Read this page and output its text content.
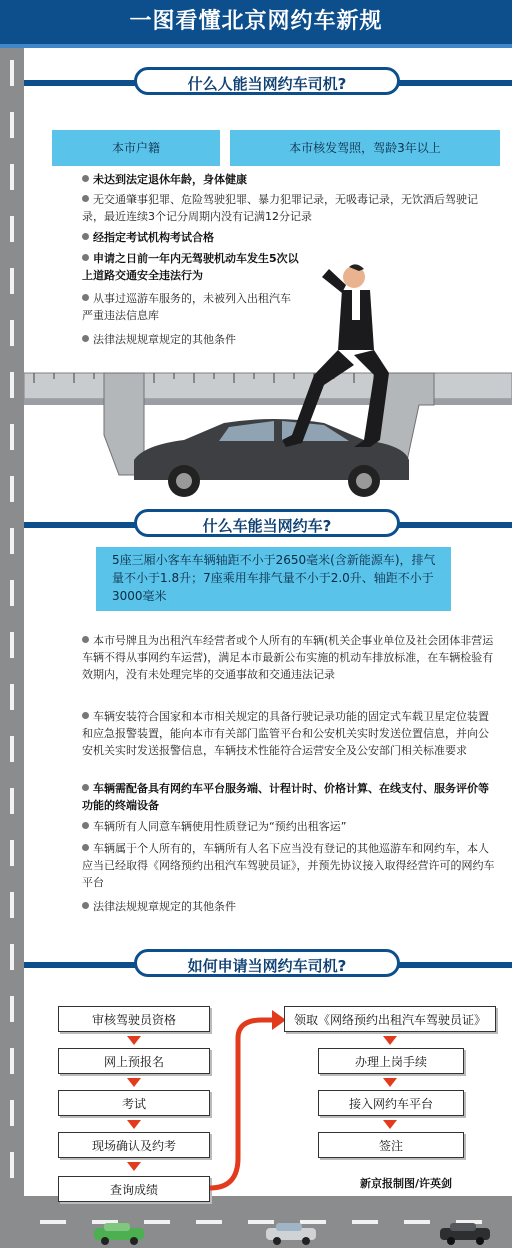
一图看懂北京网约车新规
什么人能当网约车司机?
本市户籍	本市核发驾照，驾龄3年以上
未达到法定退休年龄，身体健康
无交通肇事犯罪、危险驾驶犯罪、暴力犯罪记录，无吸毒记录，无饮酒后驾驶记录，最近连续3个记分周期内没有记满12分记录
经指定考试机构考试合格
申请之日前一年内无驾驶机动车发生5次以上道路交通安全违法行为
从事过巡游车服务的，未被列入出租汽车严重违法信息库
法律法规规章规定的其他条件
什么车能当网约车?
5座三厢小客车车辆轴距不小于2650毫米(含新能源车)，排气量不小于1.8升；7座乘用车排气量不小于2.0升、轴距不小于3000毫米
本市号牌且为出租汽车经营者或个人所有的车辆(机关企事业单位及社会团体非营运车辆不得从事网约车运营)，满足本市最新公布实施的机动车排放标准，在车辆检验有效期内，没有未处理完毕的交通事故和交通违法记录
车辆安装符合国家和本市相关规定的具备行驶记录功能的固定式车载卫星定位装置和应急报警装置，能向本市有关部门监管平台和公安机关实时发送位置信息，并向公安机关实时发送报警信息，车辆技术性能符合运营安全及公安部门相关标准要求
车辆需配备具有网约车平台服务端、计程计时、价格计算、在线支付、服务评价等功能的终端设备
车辆所有人同意车辆使用性质登记为“预约出租客运”
车辆属于个人所有的，车辆所有人名下应当没有登记的其他巡游车和网约车，本人应当已经取得《网络预约出租汽车驾驶员证》，并预先协议接入取得经营许可的网约车平台
法律法规规章规定的其他条件
如何申请当网约车司机?
审核驾驶员资格
网上预报名
考试
现场确认及约考
查询成绩
领取《网络预约出租汽车驾驶员证》
办理上岗手续
接入网约车平台
签注
新京报制图/许英剑
